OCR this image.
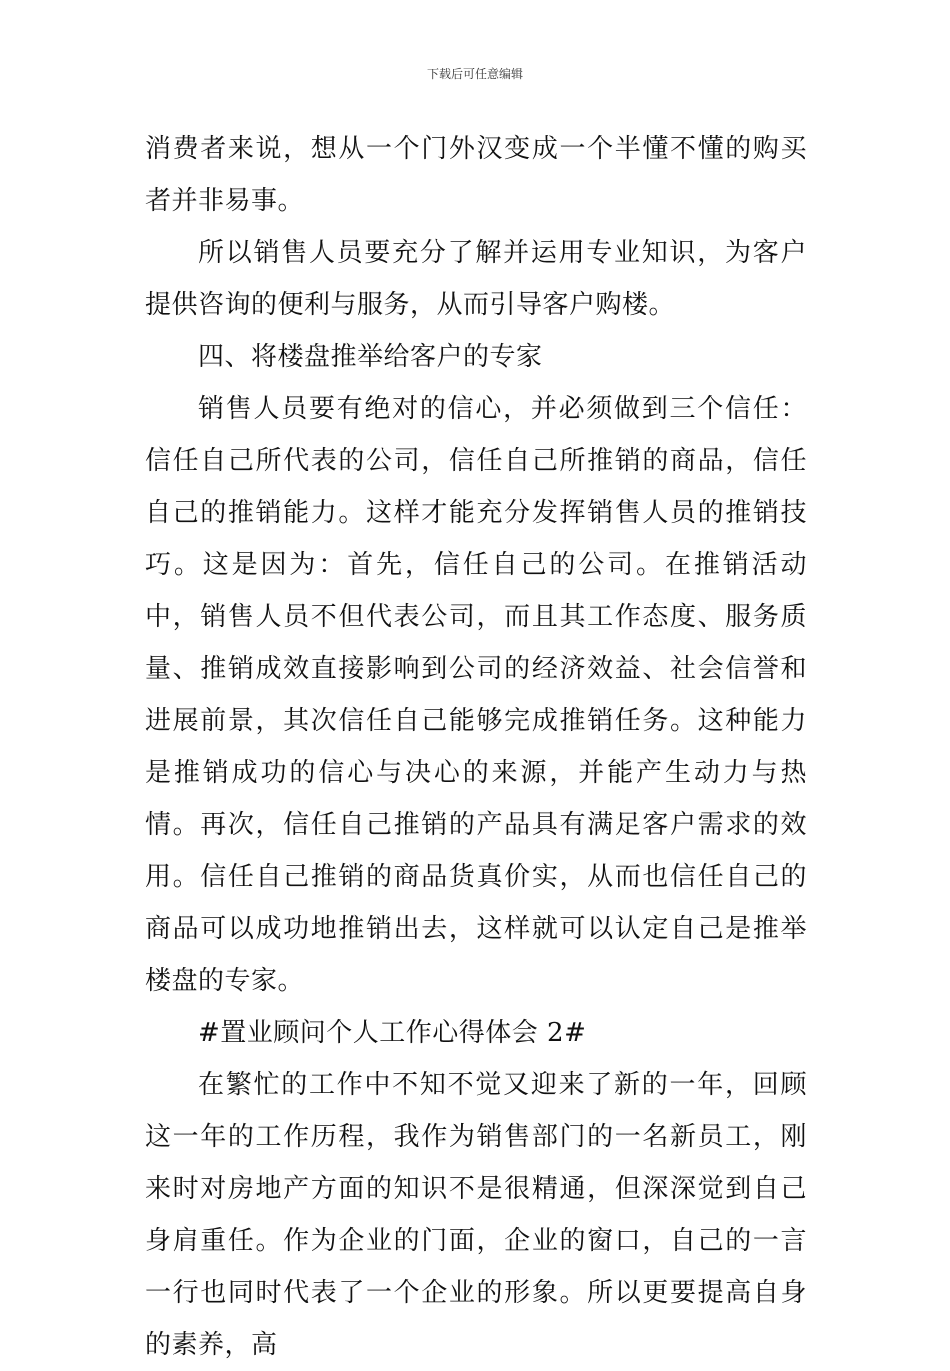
下载后可任意编辑

消费者来说，想从一个门外汉变成一个半懂不懂的购买者并非易事。

所以销售人员要充分了解并运用专业知识，为客户提供咨询的便利与服务，从而引导客户购楼。

四、将楼盘推举给客户的专家

销售人员要有绝对的信心，并必须做到三个信任：信任自己所代表的公司，信任自己所推销的商品，信任自己的推销能力。这样才能充分发挥销售人员的推销技巧。这是因为：首先，信任自己的公司。在推销活动中，销售人员不但代表公司，而且其工作态度、服务质量、推销成效直接影响到公司的经济效益、社会信誉和进展前景，其次信任自己能够完成推销任务。这种能力是推销成功的信心与决心的来源，并能产生动力与热情。再次，信任自己推销的产品具有满足客户需求的效用。信任自己推销的商品货真价实，从而也信任自己的商品可以成功地推销出去，这样就可以认定自己是推举楼盘的专家。

#置业顾问个人工作心得体会 2#

在繁忙的工作中不知不觉又迎来了新的一年，回顾这一年的工作历程，我作为销售部门的一名新员工，刚来时对房地产方面的知识不是很精通，但深深觉到自己身肩重任。作为企业的门面，企业的窗口，自己的一言一行也同时代表了一个企业的形象。所以更要提高自身的素养，高
